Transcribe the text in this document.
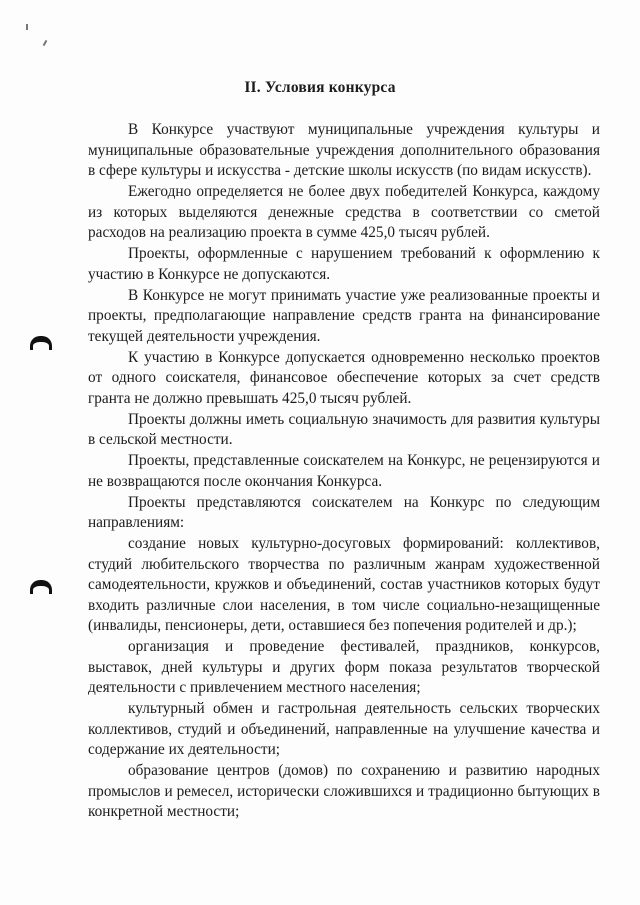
II. Условия конкурса

В Конкурсе участвуют муниципальные учреждения культуры и муниципальные образовательные учреждения дополнительного образования в сфере культуры и искусства - детские школы искусств (по видам искусств).

Ежегодно определяется не более двух победителей Конкурса, каждому из которых выделяются денежные средства в соответствии со сметой расходов на реализацию проекта в сумме 425,0 тысяч рублей.

Проекты, оформленные с нарушением требований к оформлению к участию в Конкурсе не допускаются.

В Конкурсе не могут принимать участие уже реализованные проекты и проекты, предполагающие направление средств гранта на финансирование текущей деятельности учреждения.

К участию в Конкурсе допускается одновременно несколько проектов от одного соискателя, финансовое обеспечение которых за счет средств гранта не должно превышать 425,0 тысяч рублей.

Проекты должны иметь социальную значимость для развития культуры в сельской местности.

Проекты, представленные соискателем на Конкурс, не рецензируются и не возвращаются после окончания Конкурса.

Проекты представляются соискателем на Конкурс по следующим направлениям:

создание новых культурно-досуговых формирований: коллективов, студий любительского творчества по различным жанрам художественной самодеятельности, кружков и объединений, состав участников которых будут входить различные слои населения, в том числе социально-незащищенные (инвалиды, пенсионеры, дети, оставшиеся без попечения родителей и др.);

организация и проведение фестивалей, праздников, конкурсов, выставок, дней культуры и других форм показа результатов творческой деятельности с привлечением местного населения;

культурный обмен и гастрольная деятельность сельских творческих коллективов, студий и объединений, направленные на улучшение качества и содержание их деятельности;

образование центров (домов) по сохранению и развитию народных промыслов и ремесел, исторически сложившихся и традиционно бытующих в конкретной местности;
